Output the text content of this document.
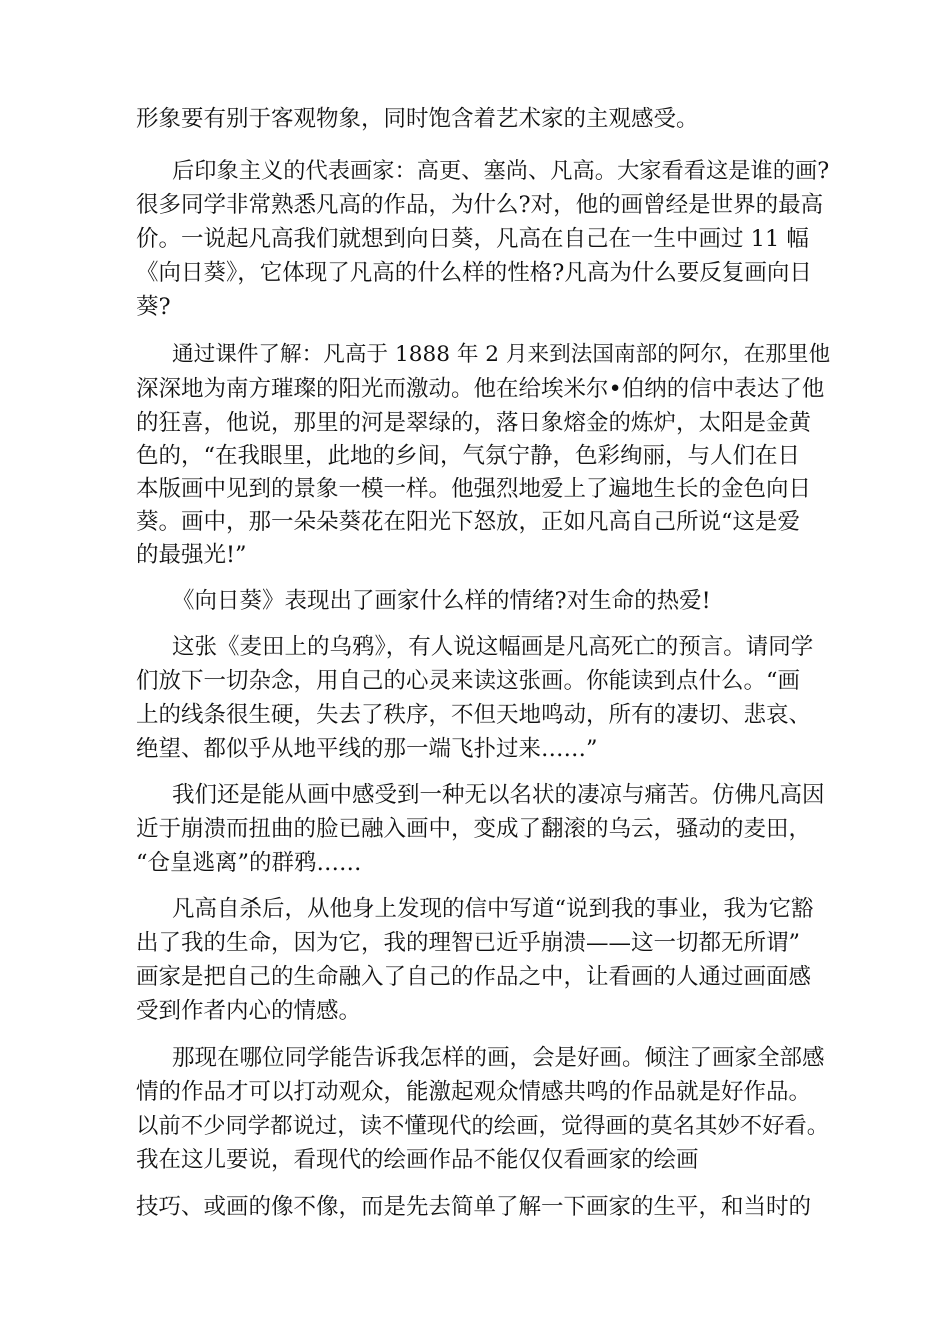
形象要有别于客观物象，同时饱含着艺术家的主观感受。
后印象主义的代表画家：高更、塞尚、凡高。大家看看这是谁的画?
很多同学非常熟悉凡高的作品，为什么?对，他的画曾经是世界的最高
价。一说起凡高我们就想到向日葵，凡高在自己在一生中画过 11 幅
《向日葵》，它体现了凡高的什么样的性格?凡高为什么要反复画向日
葵?
通过课件了解：凡高于 1888 年 2 月来到法国南部的阿尔，在那里他
深深地为南方璀璨的阳光而激动。他在给埃米尔•伯纳的信中表达了他
的狂喜，他说，那里的河是翠绿的，落日象熔金的炼炉，太阳是金黄
色的，“在我眼里，此地的乡间，气氛宁静，色彩绚丽，与人们在日
本版画中见到的景象一模一样。他强烈地爱上了遍地生长的金色向日
葵。画中，那一朵朵葵花在阳光下怒放，正如凡高自己所说“这是爱
的最强光!”
《向日葵》表现出了画家什么样的情绪?对生命的热爱!
这张《麦田上的乌鸦》，有人说这幅画是凡高死亡的预言。请同学
们放下一切杂念，用自己的心灵来读这张画。你能读到点什么。“画
上的线条很生硬，失去了秩序，不但天地鸣动，所有的凄切、悲哀、
绝望、都似乎从地平线的那一端飞扑过来……”
我们还是能从画中感受到一种无以名状的凄凉与痛苦。仿佛凡高因
近于崩溃而扭曲的脸已融入画中，变成了翻滚的乌云，骚动的麦田，
“仓皇逃离”的群鸦……
凡高自杀后，从他身上发现的信中写道“说到我的事业，我为它豁
出了我的生命，因为它，我的理智已近乎崩溃——这一切都无所谓”
画家是把自己的生命融入了自己的作品之中，让看画的人通过画面感
受到作者内心的情感。
那现在哪位同学能告诉我怎样的画，会是好画。倾注了画家全部感
情的作品才可以打动观众，能激起观众情感共鸣的作品就是好作品。
以前不少同学都说过，读不懂现代的绘画，觉得画的莫名其妙不好看。
我在这儿要说，看现代的绘画作品不能仅仅看画家的绘画
技巧、或画的像不像，而是先去简单了解一下画家的生平，和当时的
